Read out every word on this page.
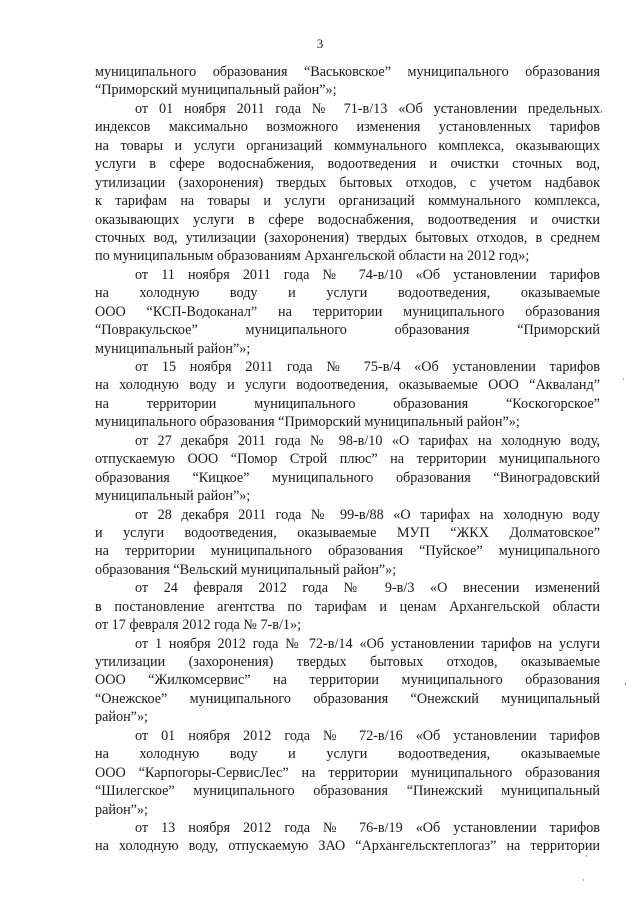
3
муниципального образования “Васьковское” муниципального образования
“Приморский муниципальный район”»;
от 01 ноября 2011 года № 71-в/13 «Об установлении предельных
индексов максимально возможного изменения установленных тарифов
на товары и услуги организаций коммунального комплекса, оказывающих
услуги в сфере водоснабжения, водоотведения и очистки сточных вод,
утилизации (захоронения) твердых бытовых отходов, с учетом надбавок
к тарифам на товары и услуги организаций коммунального комплекса,
оказывающих услуги в сфере водоснабжения, водоотведения и очистки
сточных вод, утилизации (захоронения) твердых бытовых отходов, в среднем
по муниципальным образованиям Архангельской области на 2012 год»;
от 11 ноября 2011 года № 74-в/10 «Об установлении тарифов
на холодную воду и услуги водоотведения, оказываемые
ООО “КСП-Водоканал” на территории муниципального образования
“Повракульское” муниципального образования “Приморский
муниципальный район”»;
от 15 ноября 2011 года № 75-в/4 «Об установлении тарифов
на холодную воду и услуги водоотведения, оказываемые ООО “Акваланд”
на территории муниципального образования “Коскогорское”
муниципального образования “Приморский муниципальный район”»;
от 27 декабря 2011 года № 98-в/10 «О тарифах на холодную воду,
отпускаемую ООО “Помор Строй плюс” на территории муниципального
образования “Кицкое” муниципального образования “Виноградовский
муниципальный район”»;
от 28 декабря 2011 года № 99-в/88 «О тарифах на холодную воду
и услуги водоотведения, оказываемые МУП “ЖКХ Долматовское”
на территории муниципального образования “Пуйское” муниципального
образования “Вельский муниципальный район”»;
от 24 февраля 2012 года № 9-в/3 «О внесении изменений
в постановление агентства по тарифам и ценам Архангельской области
от 17 февраля 2012 года № 7-в/1»;
от 1 ноября 2012 года № 72-в/14 «Об установлении тарифов на услуги
утилизации (захоронения) твердых бытовых отходов, оказываемые
ООО “Жилкомсервис” на территории муниципального образования
“Онежское” муниципального образования “Онежский муниципальный
район”»;
от 01 ноября 2012 года № 72-в/16 «Об установлении тарифов
на холодную воду и услуги водоотведения, оказываемые
ООО “Карпогоры-СервисЛес” на территории муниципального образования
“Шилегское” муниципального образования “Пинежский муниципальный
район”»;
от 13 ноября 2012 года № 76-в/19 «Об установлении тарифов
на холодную воду, отпускаемую ЗАО “Архангельсктеплогаз” на территории
,
·
'
·
·
